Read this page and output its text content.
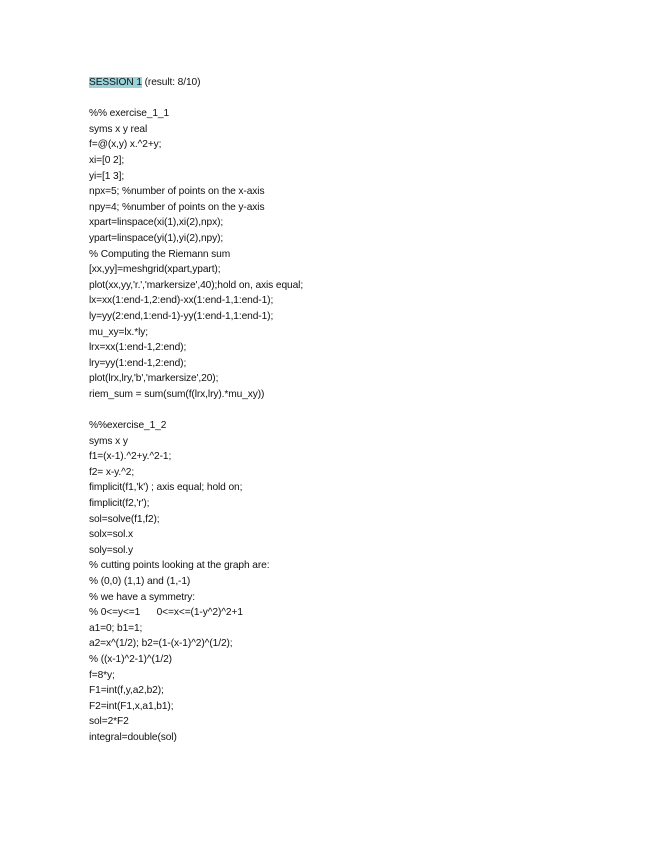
SESSION 1 (result: 8/10)
%% exercise_1_1
syms x y real
f=@(x,y) x.^2+y;
xi=[0 2];
yi=[1 3];
npx=5; %number of points on the x-axis
npy=4; %number of points on the y-axis
xpart=linspace(xi(1),xi(2),npx);
ypart=linspace(yi(1),yi(2),npy);
% Computing the Riemann sum
[xx,yy]=meshgrid(xpart,ypart);
plot(xx,yy,'r.','markersize',40);hold on, axis equal;
lx=xx(1:end-1,2:end)-xx(1:end-1,1:end-1);
ly=yy(2:end,1:end-1)-yy(1:end-1,1:end-1);
mu_xy=lx.*ly;
lrx=xx(1:end-1,2:end);
lry=yy(1:end-1,2:end);
plot(lrx,lry,'b','markersize',20);
riem_sum = sum(sum(f(lrx,lry).*mu_xy))
%%exercise_1_2
syms x y
f1=(x-1).^2+y.^2-1;
f2= x-y.^2;
fimplicit(f1,'k') ; axis equal; hold on;
fimplicit(f2,'r');
sol=solve(f1,f2);
solx=sol.x
soly=sol.y
% cutting points looking at the graph are:
% (0,0) (1,1) and (1,-1)
% we have a symmetry:
% 0<=y<=1      0<=x<=(1-y^2)^2+1
a1=0; b1=1;
a2=x^(1/2); b2=(1-(x-1)^2)^(1/2);
% ((x-1)^2-1)^(1/2)
f=8*y;
F1=int(f,y,a2,b2);
F2=int(F1,x,a1,b1);
sol=2*F2
integral=double(sol)
